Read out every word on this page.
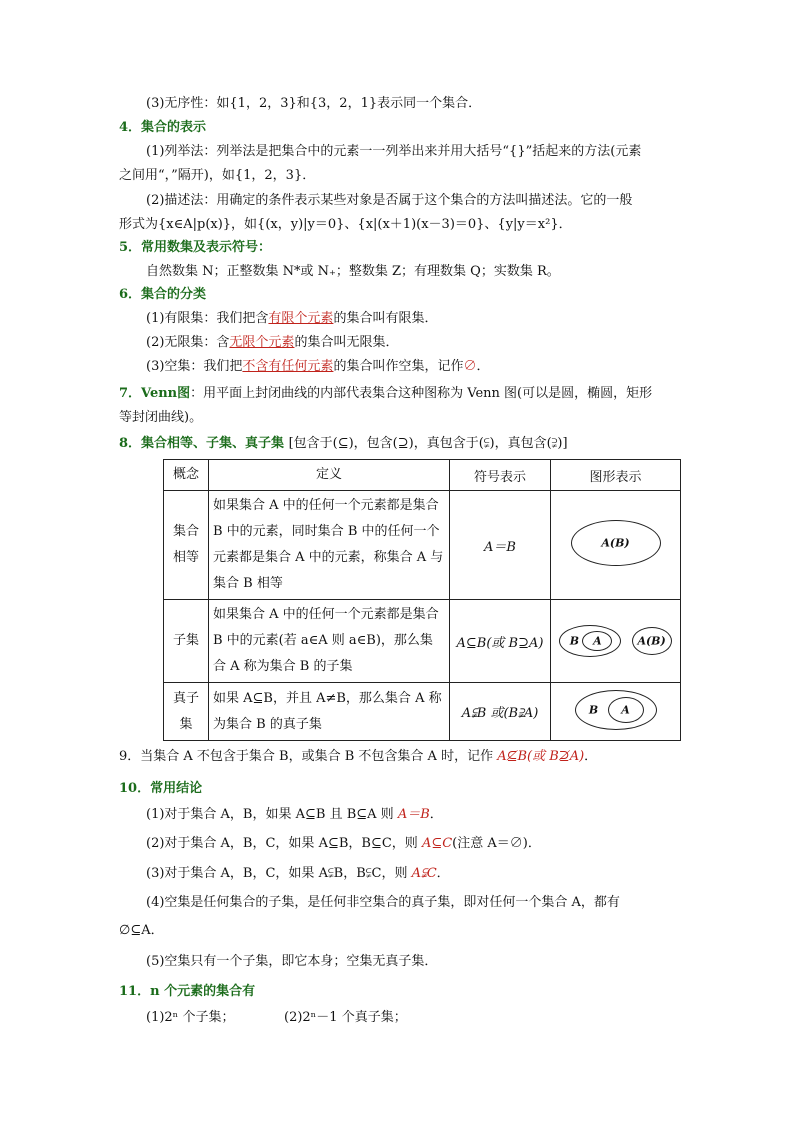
(3)无序性：如{1，2，3}和{3，2，1}表示同一个集合．
4．集合的表示
(1)列举法：列举法是把集合中的元素一一列举出来并用大括号“{}”括起来的方法(元素
之间用“，”隔开)，如{1，2，3}．
(2)描述法：用确定的条件表示某些对象是否属于这个集合的方法叫描述法。它的一般
形式为{x∈A|p(x)}，如{(x，y)|y＝0}、{x|(x＋1)(x－3)＝0}、{y|y＝x²}．
5．常用数集及表示符号：
自然数集 N；正整数集 N*或 N₊；整数集 Z；有理数集 Q；实数集 R。
6．集合的分类
(1)有限集：我们把含有限个元素的集合叫有限集．
(2)无限集：含无限个元素的集合叫无限集．
(3)空集：我们把不含有任何元素的集合叫作空集，记作∅．
7．Venn图：用平面上封闭曲线的内部代表集合这种图称为 Venn 图(可以是圆，椭圆，矩形
等封闭曲线)。
8．集合相等、子集、真子集 [包含于(⊆)，包含(⊇)，真包含于(⫋)，真包含(⫌)]
概念	定义	符号表示	图形表示
集合相等	如果集合 A 中的任何一个元素都是集合 B 中的元素，同时集合 B 中的任何一个元素都是集合 A 中的元素，称集合 A 与集合 B 相等	A＝B	A(B)

子集	如果集合 A 中的任何一个元素都是集合 B 中的元素(若 a∈A 则 a∈B)，那么集合 A 称为集合 B 的子集	A⊆B(或 B⊇A)	B A
A(B)

真子集	如果 A⊆B，并且 A≠B，那么集合 A 称为集合 B 的真子集	A⫋B 或(B⫌A)	B A
9．当集合 A 不包含于集合 B，或集合 B 不包含集合 A 时，记作 A⊈B(或 B⊉A)．
10．常用结论
(1)对于集合 A，B，如果 A⊆B 且 B⊆A 则 A＝B．
(2)对于集合 A，B，C，如果 A⊆B，B⊆C，则 A⊆C(注意 A＝∅)．
(3)对于集合 A，B，C，如果 A⫋B，B⫋C，则 A⫋C．
(4)空集是任何集合的子集，是任何非空集合的真子集，即对任何一个集合 A，都有
∅⊆A．
(5)空集只有一个子集，即它本身；空集无真子集．
11．n 个元素的集合有
(1)2ⁿ 个子集；	(2)2ⁿ－1 个真子集；
